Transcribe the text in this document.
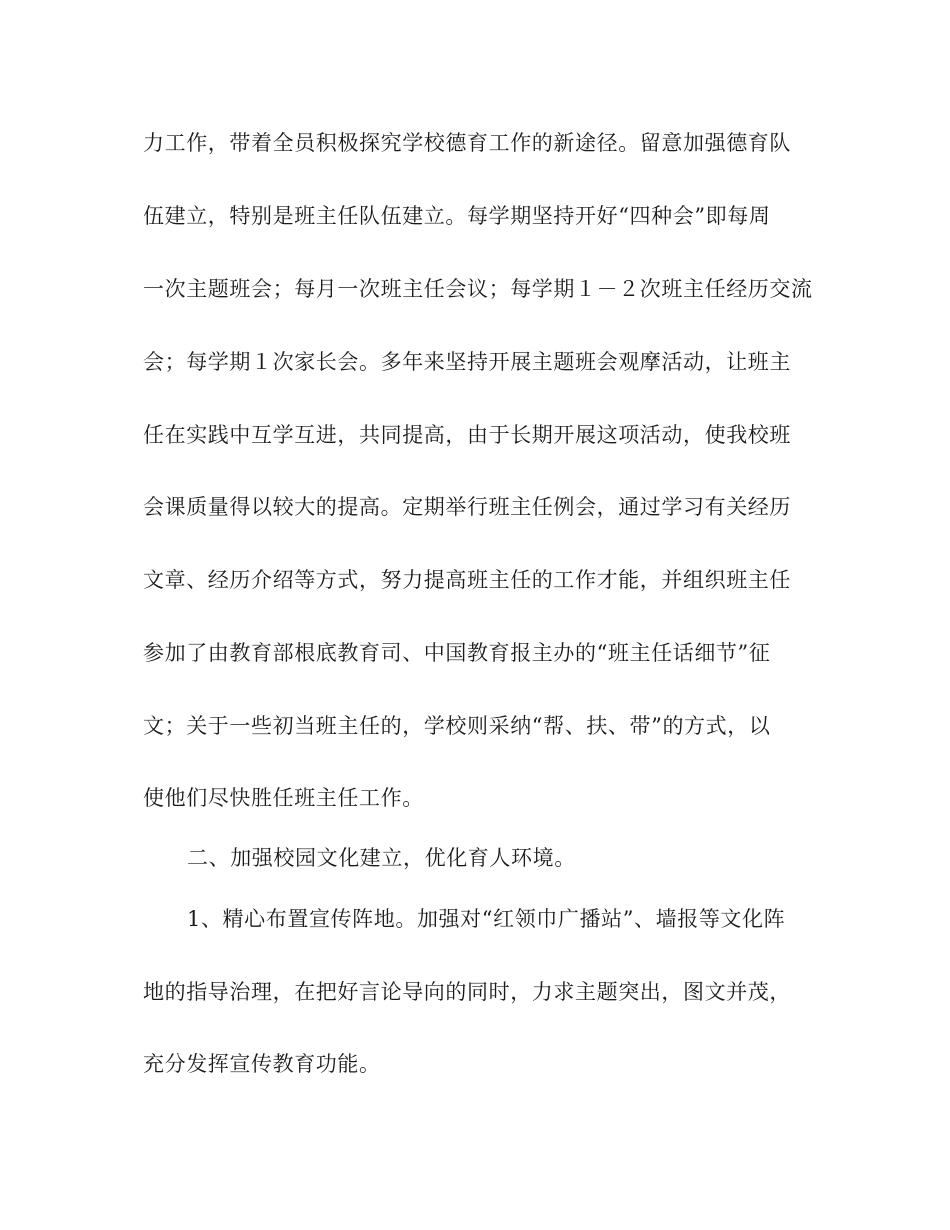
力工作，带着全员积极探究学校德育工作的新途径。留意加强德育队
伍建立，特别是班主任队伍建立。每学期坚持开好“四种会”即每周
一次主题班会；每月一次班主任会议；每学期１－２次班主任经历交流
会；每学期１次家长会。多年来坚持开展主题班会观摩活动，让班主
任在实践中互学互进，共同提高，由于长期开展这项活动，使我校班
会课质量得以较大的提高。定期举行班主任例会，通过学习有关经历
文章、经历介绍等方式，努力提高班主任的工作才能，并组织班主任
参加了由教育部根底教育司、中国教育报主办的“班主任话细节”征
文；关于一些初当班主任的，学校则采纳“帮、扶、带”的方式，以
使他们尽快胜任班主任工作。
二、加强校园文化建立，优化育人环境。
1、精心布置宣传阵地。加强对“红领巾广播站”、墙报等文化阵
地的指导治理，在把好言论导向的同时，力求主题突出，图文并茂，
充分发挥宣传教育功能。
